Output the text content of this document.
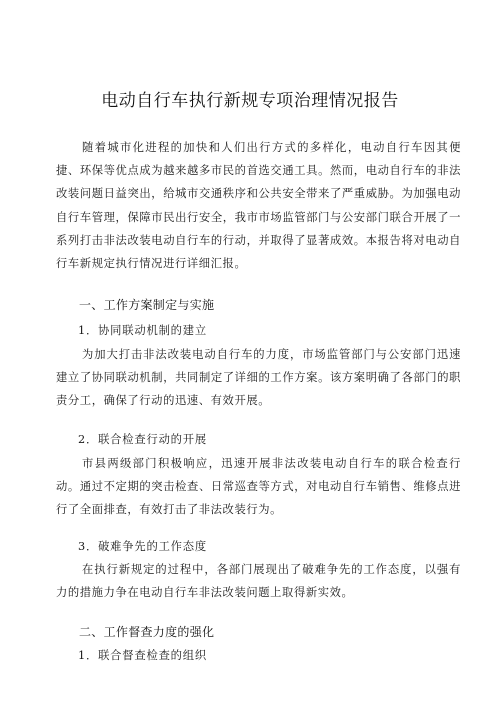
电动自行车执行新规专项治理情况报告
随着城市化进程的加快和人们出行方式的多样化，电动自行车因其便捷、环保等优点成为越来越多市民的首选交通工具。然而，电动自行车的非法改装问题日益突出，给城市交通秩序和公共安全带来了严重威胁。为加强电动自行车管理，保障市民出行安全，我市市场监管部门与公安部门联合开展了一系列打击非法改装电动自行车的行动，并取得了显著成效。本报告将对电动自行车新规定执行情况进行详细汇报。
一、工作方案制定与实施
1．协同联动机制的建立
为加大打击非法改装电动自行车的力度，市场监管部门与公安部门迅速建立了协同联动机制，共同制定了详细的工作方案。该方案明确了各部门的职责分工，确保了行动的迅速、有效开展。
2．联合检查行动的开展
市县两级部门积极响应，迅速开展非法改装电动自行车的联合检查行动。通过不定期的突击检查、日常巡查等方式，对电动自行车销售、维修点进行了全面排查，有效打击了非法改装行为。
3．破难争先的工作态度
在执行新规定的过程中，各部门展现出了破难争先的工作态度，以强有力的措施力争在电动自行车非法改装问题上取得新实效。
二、工作督查力度的强化
1．联合督查检查的组织
